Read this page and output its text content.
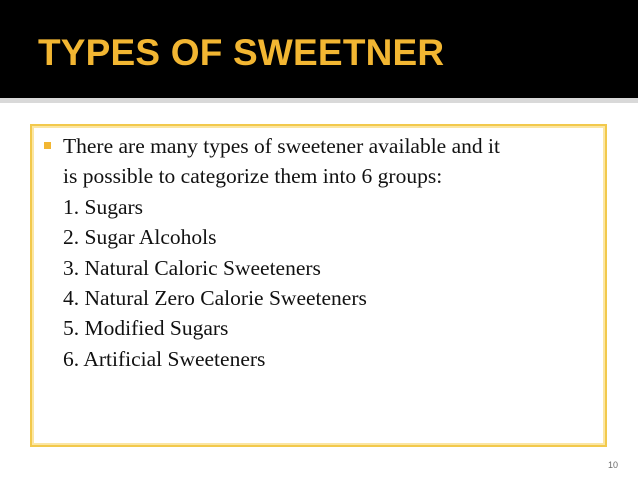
TYPES OF SWEETNER

There are many types of sweetener available and it
is possible to categorize them into 6 groups:
1. Sugars
2. Sugar Alcohols
3. Natural Caloric Sweeteners
4. Natural Zero Calorie Sweeteners
5. Modified Sugars
6. Artificial Sweeteners

10
